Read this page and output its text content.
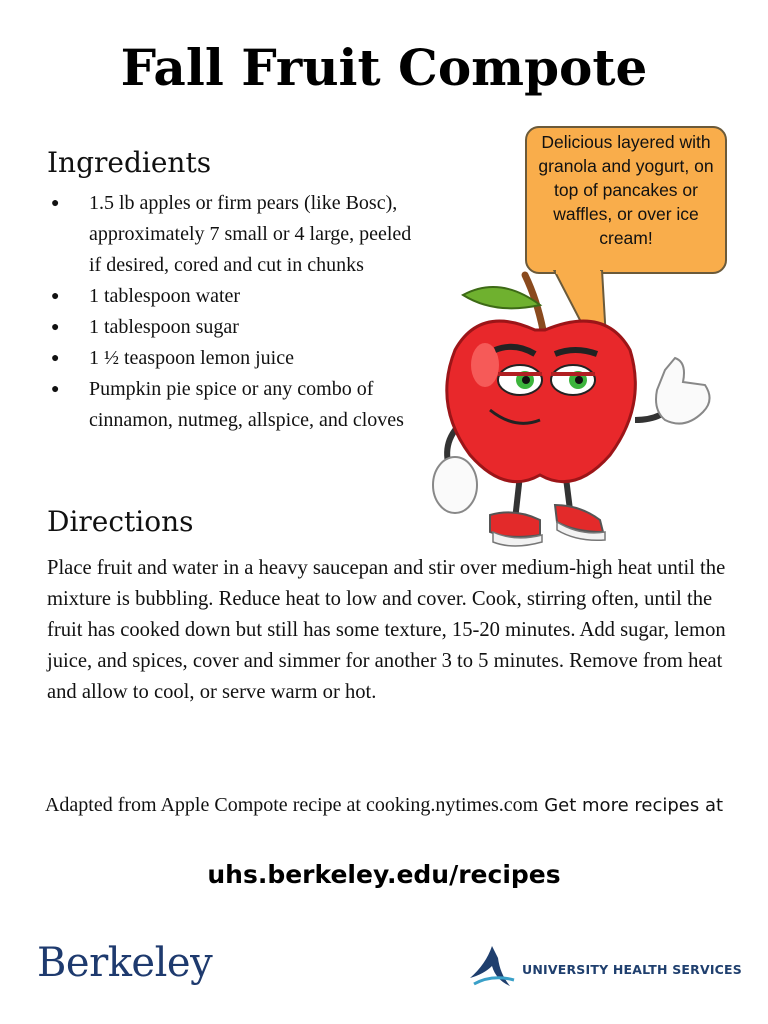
Fall Fruit Compote
Ingredients
● 1.5 lb apples or firm pears (like Bosc), approximately 7 small or 4 large, peeled if desired, cored and cut in chunks
● 1 tablespoon water
● 1 tablespoon sugar
● 1 ½ teaspoon lemon juice
● Pumpkin pie spice or any combo of cinnamon, nutmeg, allspice, and cloves
Delicious layered with granola and yogurt, on top of pancakes or waffles, or over ice cream!
Directions
Place fruit and water in a heavy saucepan and stir over medium-high heat until the mixture is bubbling. Reduce heat to low and cover. Cook, stirring often, until the fruit has cooked down but still has some texture, 15-20 minutes. Add sugar, lemon juice, and spices, cover and simmer for another 3 to 5 minutes. Remove from heat and allow to cool, or serve warm or hot.
Adapted from Apple Compote recipe at cooking.nytimes.com Get more recipes at
uhs.berkeley.edu/recipes
Berkeley	UNIVERSITY HEALTH SERVICES
